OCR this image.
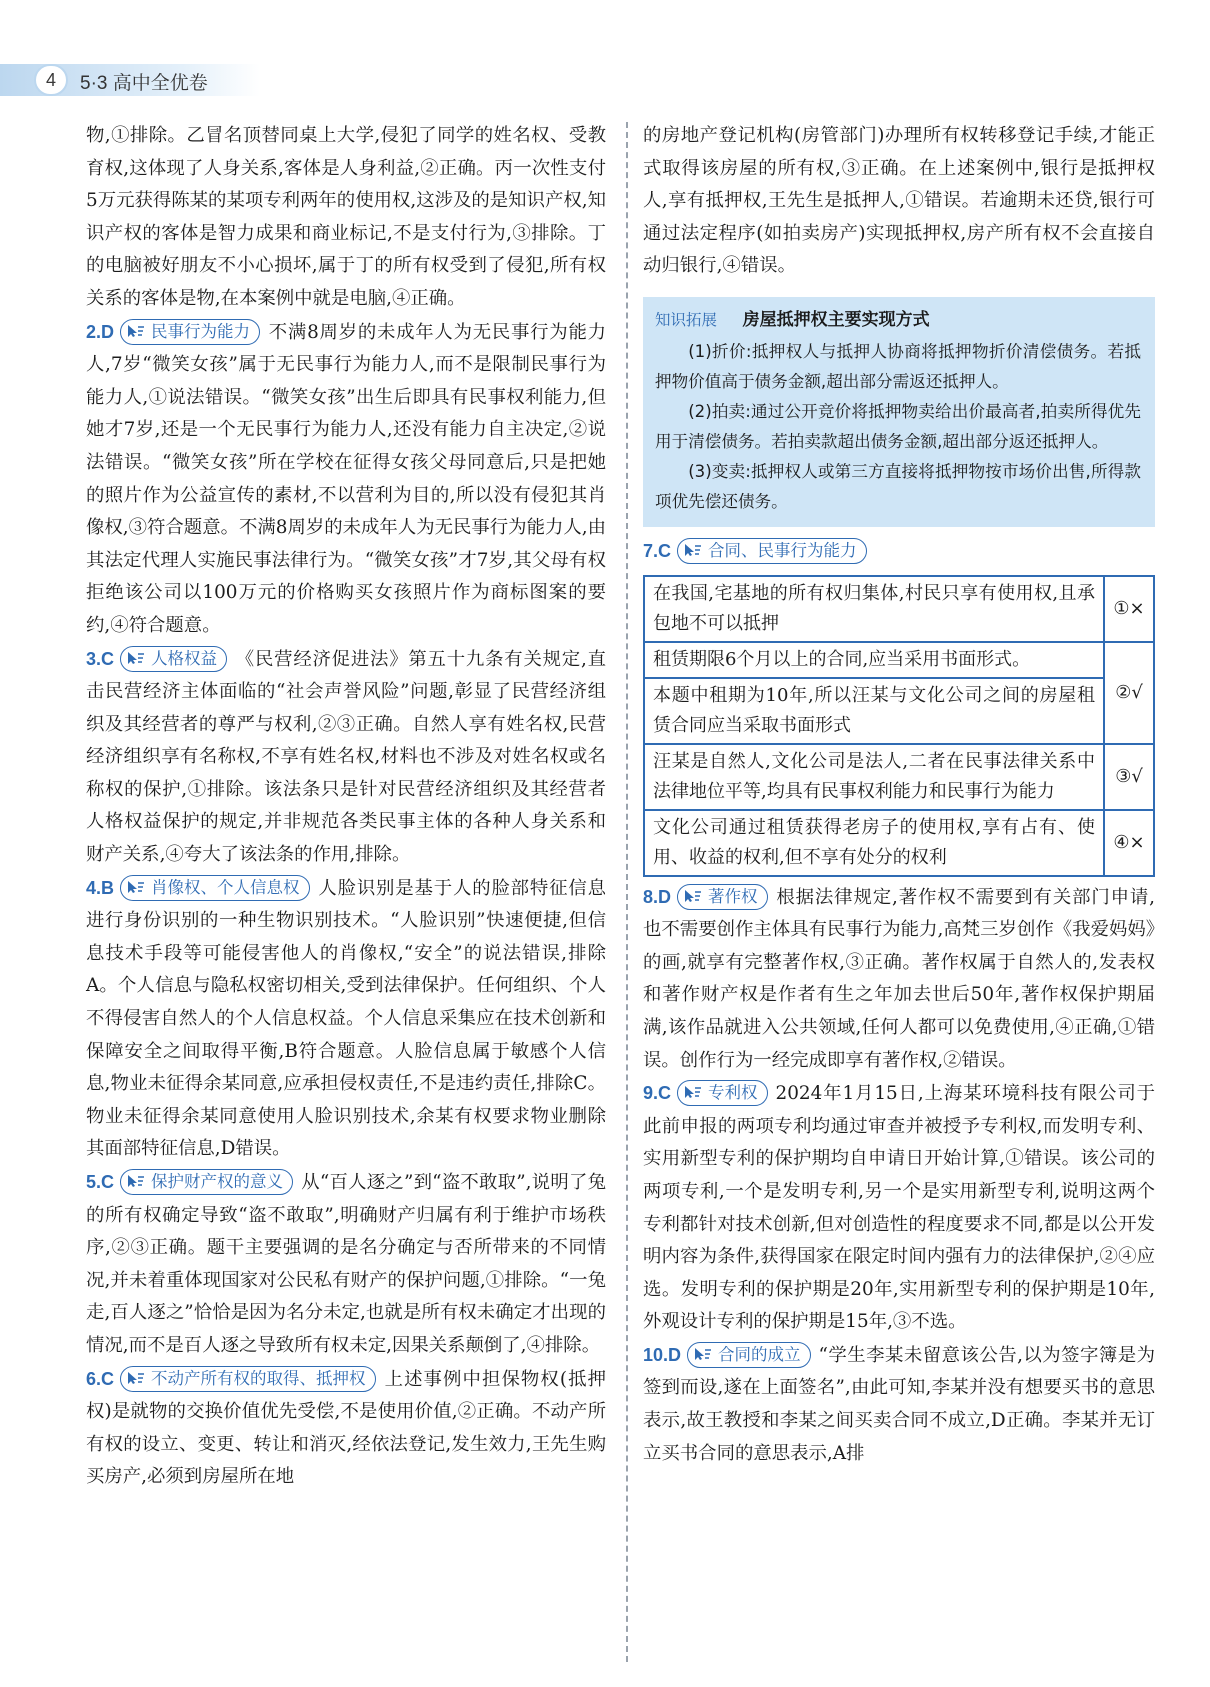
4	5·3 高中全优卷

物,①排除。乙冒名顶替同桌上大学,侵犯了同学的姓名权、受教育权,这体现了人身关系,客体是人身利益,②正确。丙一次性支付5万元获得陈某的某项专利两年的使用权,这涉及的是知识产权,知识产权的客体是智力成果和商业标记,不是支付行为,③排除。丁的电脑被好朋友不小心损坏,属于丁的所有权受到了侵犯,所有权关系的客体是物,在本案例中就是电脑,④正确。

2.D 民事行为能力 不满8周岁的未成年人为无民事行为能力人,7岁“微笑女孩”属于无民事行为能力人,而不是限制民事行为能力人,①说法错误。“微笑女孩”出生后即具有民事权利能力,但她才7岁,还是一个无民事行为能力人,还没有能力自主决定,②说法错误。“微笑女孩”所在学校在征得女孩父母同意后,只是把她的照片作为公益宣传的素材,不以营利为目的,所以没有侵犯其肖像权,③符合题意。不满8周岁的未成年人为无民事行为能力人,由其法定代理人实施民事法律行为。“微笑女孩”才7岁,其父母有权拒绝该公司以100万元的价格购买女孩照片作为商标图案的要约,④符合题意。

3.C 人格权益 《民营经济促进法》第五十九条有关规定,直击民营经济主体面临的“社会声誉风险”问题,彰显了民营经济组织及其经营者的尊严与权利,②③正确。自然人享有姓名权,民营经济组织享有名称权,不享有姓名权,材料也不涉及对姓名权或名称权的保护,①排除。该法条只是针对民营经济组织及其经营者人格权益保护的规定,并非规范各类民事主体的各种人身关系和财产关系,④夸大了该法条的作用,排除。

4.B 肖像权、个人信息权 人脸识别是基于人的脸部特征信息进行身份识别的一种生物识别技术。“人脸识别”快速便捷,但信息技术手段等可能侵害他人的肖像权,“安全”的说法错误,排除A。个人信息与隐私权密切相关,受到法律保护。任何组织、个人不得侵害自然人的个人信息权益。个人信息采集应在技术创新和保障安全之间取得平衡,B符合题意。人脸信息属于敏感个人信息,物业未征得余某同意,应承担侵权责任,不是违约责任,排除C。物业未征得余某同意使用人脸识别技术,余某有权要求物业删除其面部特征信息,D错误。

5.C 保护财产权的意义 从“百人逐之”到“盗不敢取”,说明了兔的所有权确定导致“盗不敢取”,明确财产归属有利于维护市场秩序,②③正确。题干主要强调的是名分确定与否所带来的不同情况,并未着重体现国家对公民私有财产的保护问题,①排除。“一兔走,百人逐之”恰恰是因为名分未定,也就是所有权未确定才出现的情况,而不是百人逐之导致所有权未定,因果关系颠倒了,④排除。

6.C 不动产所有权的取得、抵押权 上述事例中担保物权(抵押权)是就物的交换价值优先受偿,不是使用价值,②正确。不动产所有权的设立、变更、转让和消灭,经依法登记,发生效力,王先生购买房产,必须到房屋所在地

的房地产登记机构(房管部门)办理所有权转移登记手续,才能正式取得该房屋的所有权,③正确。在上述案例中,银行是抵押权人,享有抵押权,王先生是抵押人,①错误。若逾期未还贷,银行可通过法定程序(如拍卖房产)实现抵押权,房产所有权不会直接自动归银行,④错误。

知识拓展 房屋抵押权主要实现方式

(1)折价:抵押权人与抵押人协商将抵押物折价清偿债务。若抵押物价值高于债务金额,超出部分需返还抵押人。

(2)拍卖:通过公开竞价将抵押物卖给出价最高者,拍卖所得优先用于清偿债务。若拍卖款超出债务金额,超出部分返还抵押人。

(3)变卖:抵押权人或第三方直接将抵押物按市场价出售,所得款项优先偿还债务。

7.C 合同、民事行为能力

在我国,宅基地的所有权归集体,村民只享有使用权,且承包地不可以抵押	①×
租赁期限6个月以上的合同,应当采用书面形式。	②√
本题中租期为10年,所以汪某与文化公司之间的房屋租赁合同应当采取书面形式	
汪某是自然人,文化公司是法人,二者在民事法律关系中法律地位平等,均具有民事权利能力和民事行为能力	③√
文化公司通过租赁获得老房子的使用权,享有占有、使用、收益的权利,但不享有处分的权利	④×

8.D 著作权 根据法律规定,著作权不需要到有关部门申请,也不需要创作主体具有民事行为能力,高梵三岁创作《我爱妈妈》的画,就享有完整著作权,③正确。著作权属于自然人的,发表权和著作财产权是作者有生之年加去世后50年,著作权保护期届满,该作品就进入公共领域,任何人都可以免费使用,④正确,①错误。创作行为一经完成即享有著作权,②错误。

9.C 专利权 2024年1月15日,上海某环境科技有限公司于此前申报的两项专利均通过审查并被授予专利权,而发明专利、实用新型专利的保护期均自申请日开始计算,①错误。该公司的两项专利,一个是发明专利,另一个是实用新型专利,说明这两个专利都针对技术创新,但对创造性的程度要求不同,都是以公开发明内容为条件,获得国家在限定时间内强有力的法律保护,②④应选。发明专利的保护期是20年,实用新型专利的保护期是10年,外观设计专利的保护期是15年,③不选。

10.D 合同的成立 “学生李某未留意该公告,以为签字簿是为签到而设,遂在上面签名”,由此可知,李某并没有想要买书的意思表示,故王教授和李某之间买卖合同不成立,D正确。李某并无订立买书合同的意思表示,A排
